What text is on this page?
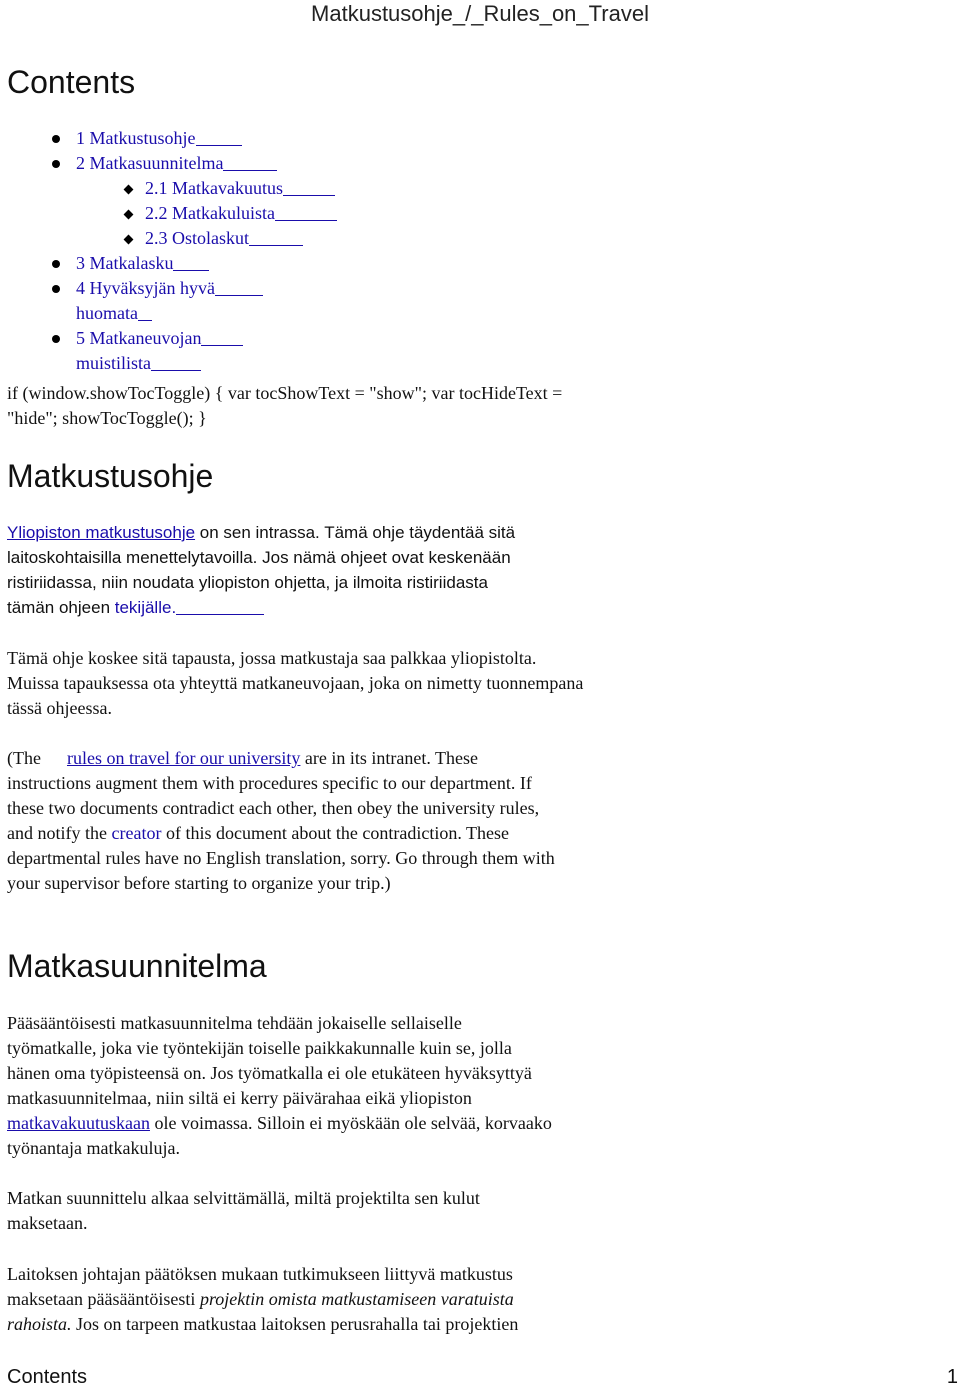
Matkustusohje_/_Rules_on_Travel
Contents
1 Matkustusohje
2 Matkasuunnitelma
2.1 Matkavakuutus
2.2 Matkakuluista
2.3 Ostolaskut
3 Matkalasku
4 Hyväksyjän hyvä
huomata
5 Matkaneuvojan
muistilista
if (window.showTocToggle) { var tocShowText = "show"; var tocHideText =
"hide"; showTocToggle(); }
Matkustusohje
Yliopiston matkustusohje on sen intrassa. Tämä ohje täydentää sitä
laitoskohtaisilla menettelytavoilla. Jos nämä ohjeet ovat keskenään
ristiriidassa, niin noudata yliopiston ohjetta, ja ilmoita ristiriidasta
tämän ohjeen tekijälle.
Tämä ohje koskee sitä tapausta, jossa matkustaja saa palkkaa yliopistolta.
Muissa tapauksessa ota yhteyttä matkaneuvojaan, joka on nimetty tuonnempana
tässä ohjeessa.
(The rules on travel for our university are in its intranet. These
instructions augment them with procedures specific to our department. If
these two documents contradict each other, then obey the university rules,
and notify the creator of this document about the contradiction. These
departmental rules have no English translation, sorry. Go through them with
your supervisor before starting to organize your trip.)
Matkasuunnitelma
Pääsääntöisesti matkasuunnitelma tehdään jokaiselle sellaiselle
työmatkalle, joka vie työntekijän toiselle paikkakunnalle kuin se, jolla
hänen oma työpisteensä on. Jos työmatkalla ei ole etukäteen hyväksyttyä
matkasuunnitelmaa, niin siltä ei kerry päivärahaa eikä yliopiston
matkavakuutuskaan ole voimassa. Silloin ei myöskään ole selvää, korvaako
työnantaja matkakuluja.
Matkan suunnittelu alkaa selvittämällä, miltä projektilta sen kulut
maksetaan.
Laitoksen johtajan päätöksen mukaan tutkimukseen liittyvä matkustus
maksetaan pääsääntöisesti projektin omista matkustamiseen varatuista
rahoista. Jos on tarpeen matkustaa laitoksen perusrahalla tai projektien
Contents	1
